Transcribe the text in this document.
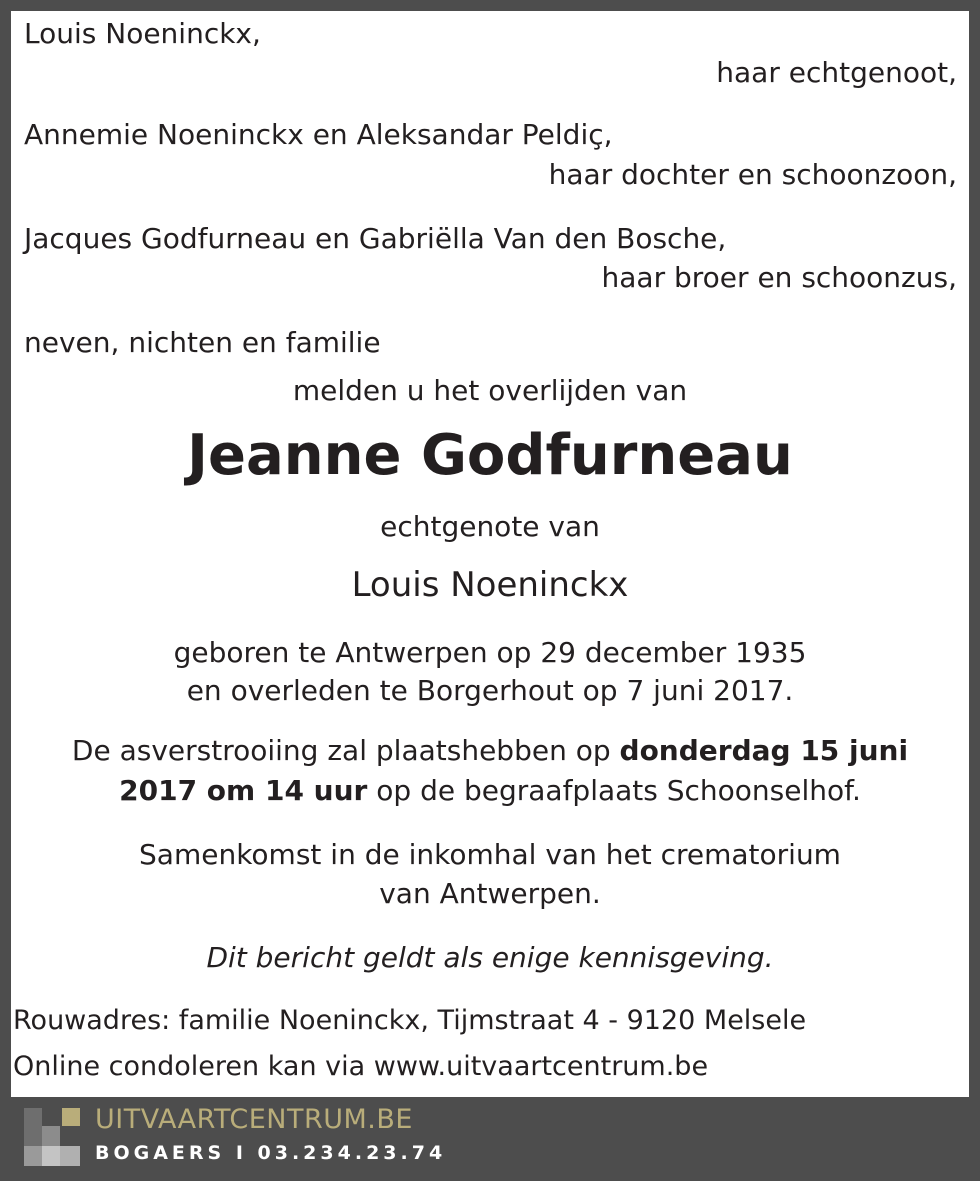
Louis Noeninckx,

haar echtgenoot,

Annemie Noeninckx en Aleksandar Peldiç,

haar dochter en schoonzoon,

Jacques Godfurneau en Gabriëlla Van den Bosche,

haar broer en schoonzus,

neven, nichten en familie

melden u het overlijden van

Jeanne Godfurneau

echtgenote van

Louis Noeninckx

geboren te Antwerpen op 29 december 1935

en overleden te Borgerhout op 7 juni 2017.

De asverstrooiing zal plaatshebben op donderdag 15 juni

2017 om 14 uur op de begraafplaats Schoonselhof.

Samenkomst in de inkomhal van het crematorium

van Antwerpen.

Dit bericht geldt als enige kennisgeving.

Rouwadres: familie Noeninckx, Tijmstraat 4 - 9120 Melsele

Online condoleren kan via www.uitvaartcentrum.be

UITVAARTCENTRUM.BE

BOGAERS I 03.234.23.74
